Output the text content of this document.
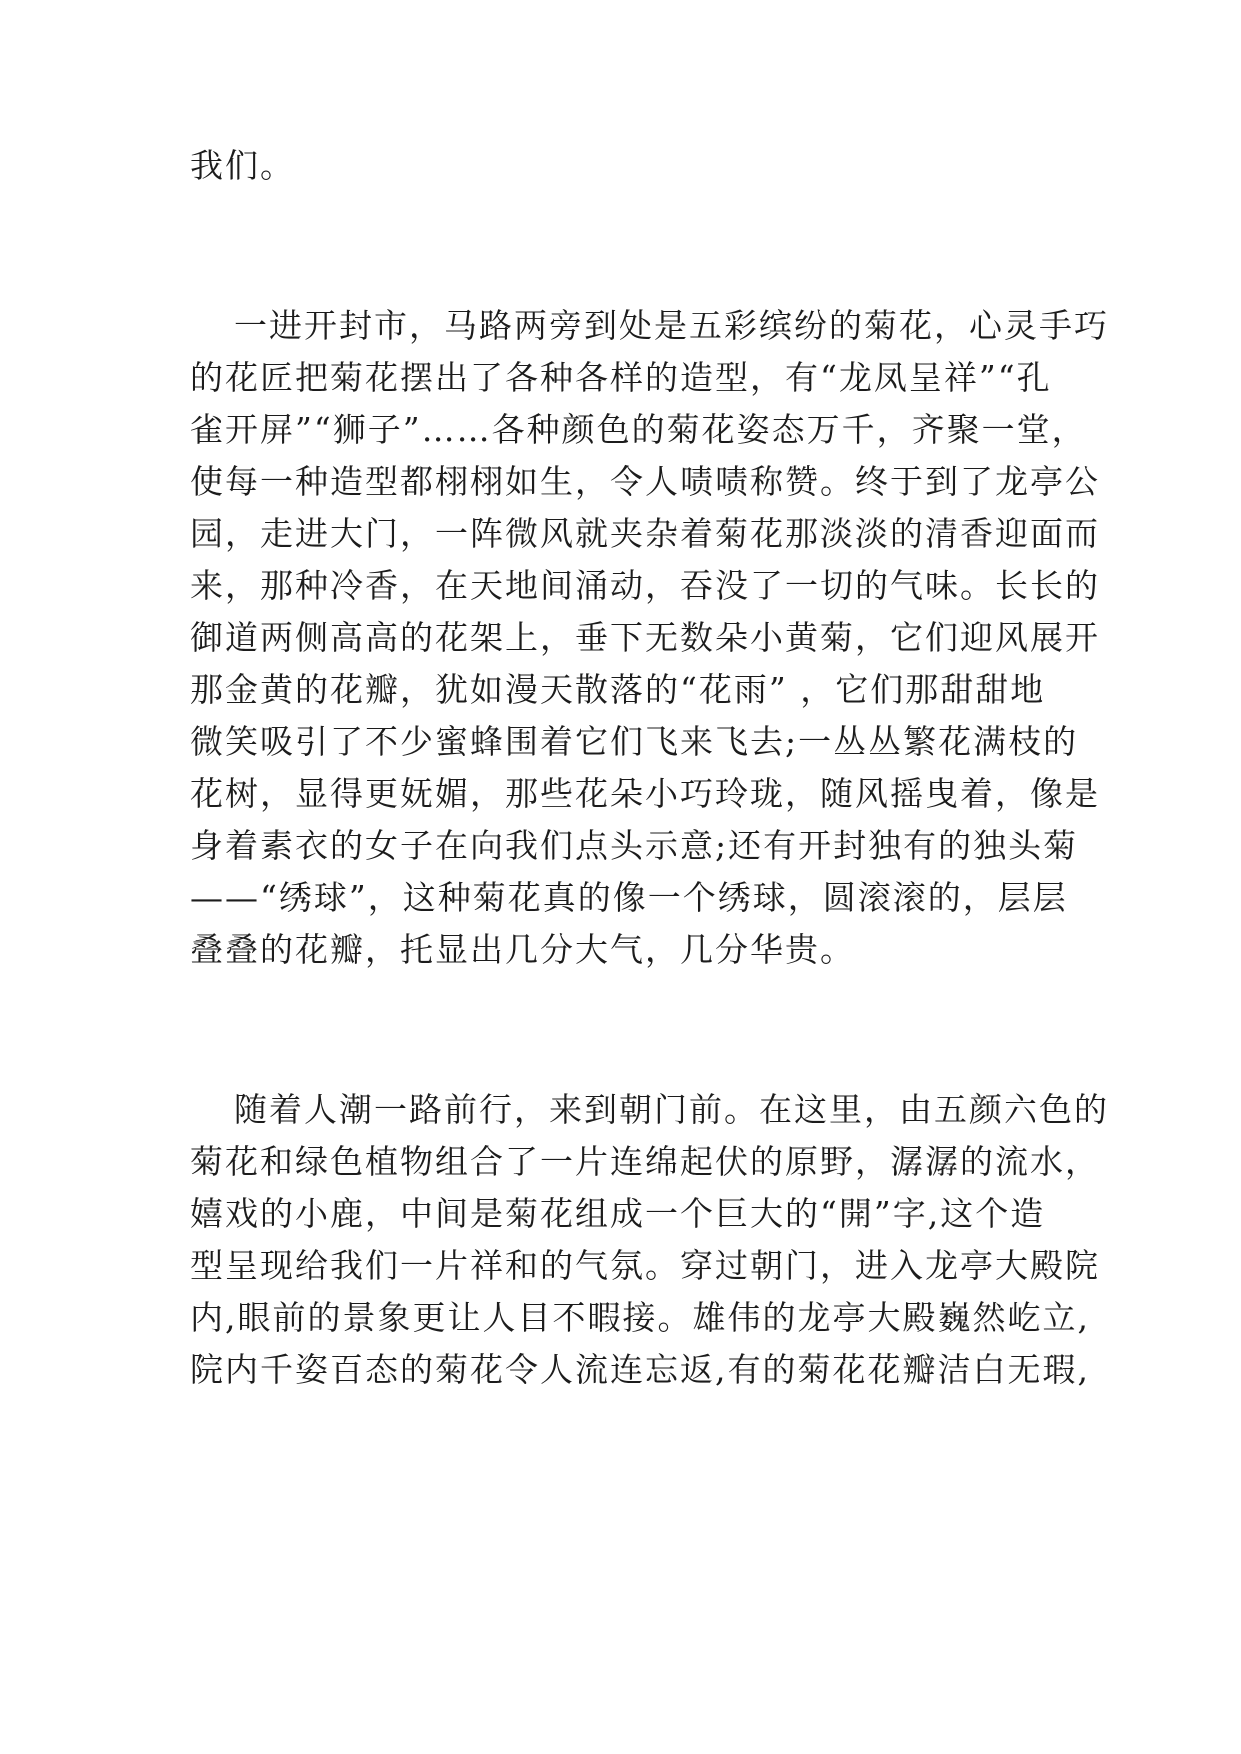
我们。
一进开封市，马路两旁到处是五彩缤纷的菊花，心灵手巧
的花匠把菊花摆出了各种各样的造型，有“龙凤呈祥”“孔
雀开屏”“狮子”……各种颜色的菊花姿态万千，齐聚一堂，
使每一种造型都栩栩如生，令人啧啧称赞。终于到了龙亭公
园，走进大门，一阵微风就夹杂着菊花那淡淡的清香迎面而
来，那种冷香，在天地间涌动，吞没了一切的气味。长长的
御道两侧高高的花架上，垂下无数朵小黄菊，它们迎风展开
那金黄的花瓣，犹如漫天散落的“花雨” ，它们那甜甜地
微笑吸引了不少蜜蜂围着它们飞来飞去;一丛丛繁花满枝的
花树，显得更妩媚，那些花朵小巧玲珑，随风摇曳着，像是
身着素衣的女子在向我们点头示意;还有开封独有的独头菊
——“绣球”，这种菊花真的像一个绣球，圆滚滚的，层层
叠叠的花瓣，托显出几分大气，几分华贵。
随着人潮一路前行，来到朝门前。在这里，由五颜六色的
菊花和绿色植物组合了一片连绵起伏的原野，潺潺的流水，
嬉戏的小鹿，中间是菊花组成一个巨大的“開”字,这个造
型呈现给我们一片祥和的气氛。穿过朝门，进入龙亭大殿院
内,眼前的景象更让人目不暇接。雄伟的龙亭大殿巍然屹立,
院内千姿百态的菊花令人流连忘返,有的菊花花瓣洁白无瑕,
